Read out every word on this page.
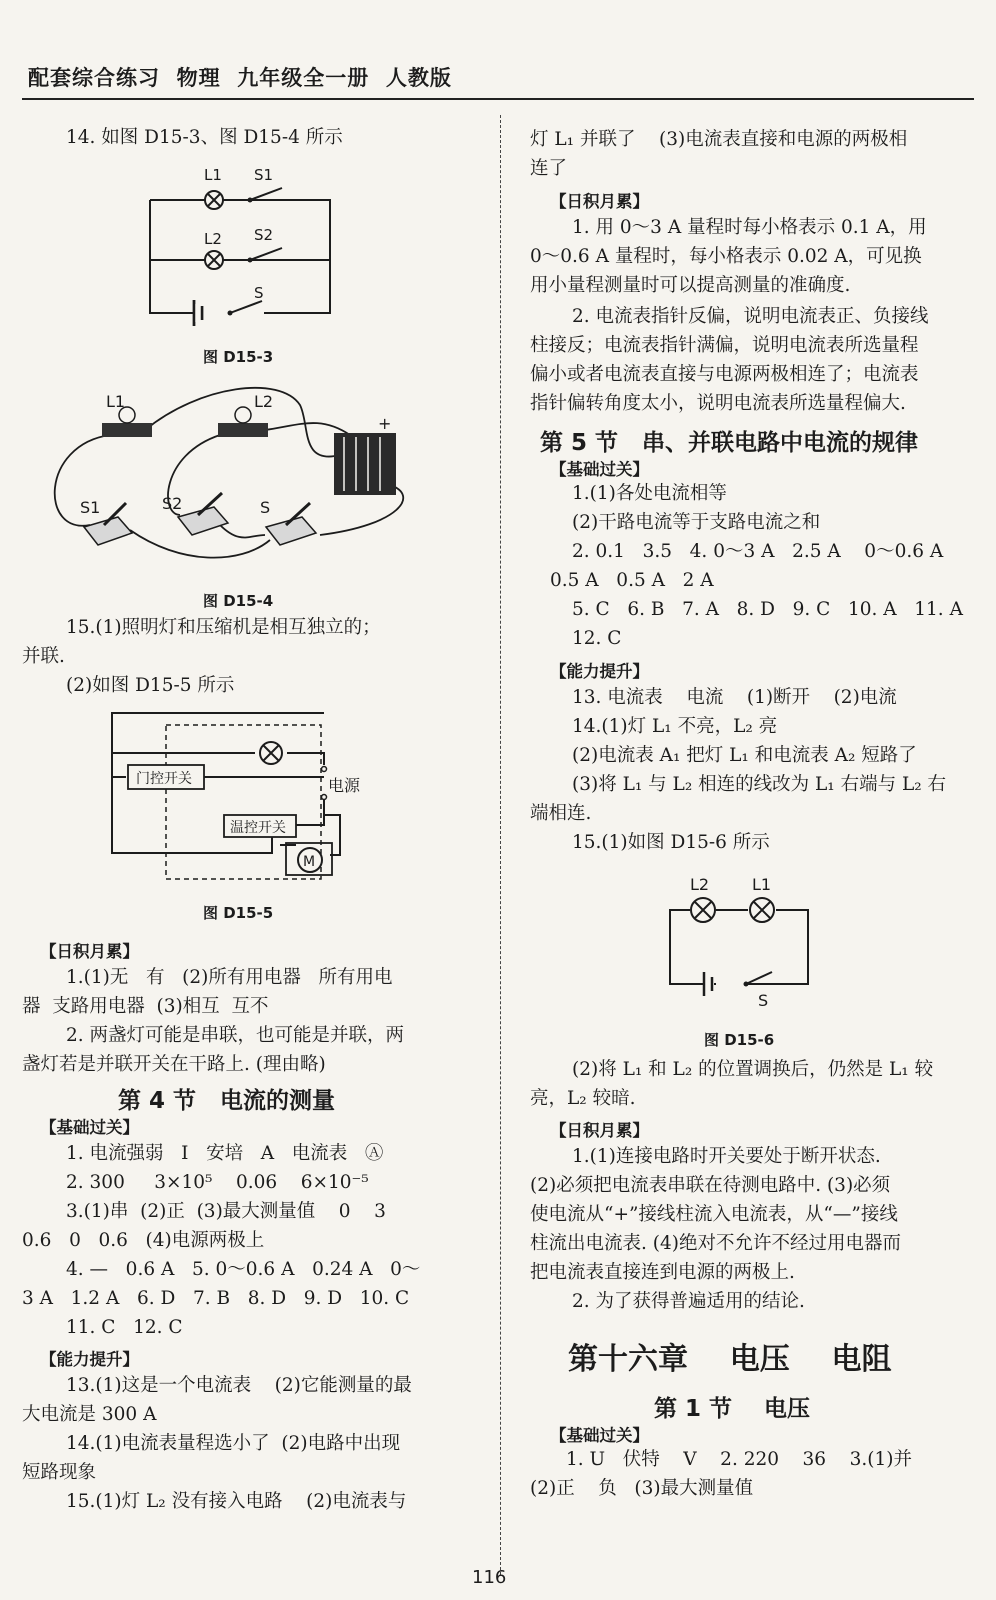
配套综合练习  物理  九年级全一册  人教版
14. 如图 D15-3、图 D15-4 所示
L1 S1
L2 S2
S
图 D15-3
L1	L2
S1	S2	S
+
图 D15-4
15.(1)照明灯和压缩机是相互独立的；
并联.
(2)如图 D15-5 所示
门控开关
温控开关
M
电源
图 D15-5
【日积月累】
1.(1)无   有   (2)所有用电器   所有用电
器  支路用电器  (3)相互  互不
2. 两盏灯可能是串联，也可能是并联，两
盏灯若是并联开关在干路上. (理由略)
第 4 节   电流的测量
【基础过关】
1. 电流强弱   I   安培   A   电流表   Ⓐ
2. 300     3×10⁵    0.06    6×10⁻⁵
3.(1)串  (2)正  (3)最大测量值    0    3
0.6   0   0.6   (4)电源两极上
4. —   0.6 A   5. 0～0.6 A   0.24 A   0～
3 A   1.2 A   6. D   7. B   8. D   9. D   10. C
11. C   12. C
【能力提升】
13.(1)这是一个电流表    (2)它能测量的最
大电流是 300 A
14.(1)电流表量程选小了  (2)电路中出现
短路现象
15.(1)灯 L₂ 没有接入电路    (2)电流表与
灯 L₁ 并联了    (3)电流表直接和电源的两极相
连了
【日积月累】
1. 用 0～3 A 量程时每小格表示 0.1 A，用
0～0.6 A 量程时，每小格表示 0.02 A，可见换
用小量程测量时可以提高测量的准确度.
2. 电流表指针反偏，说明电流表正、负接线
柱接反；电流表指针满偏，说明电流表所选量程
偏小或者电流表直接与电源两极相连了；电流表
指针偏转角度太小，说明电流表所选量程偏大.
第 5 节   串、并联电路中电流的规律
【基础过关】
1.(1)各处电流相等
(2)干路电流等于支路电流之和
2. 0.1   3.5   4. 0～3 A   2.5 A    0～0.6 A
0.5 A   0.5 A   2 A
5. C   6. B   7. A   8. D   9. C   10. A   11. A
12. C
【能力提升】
13. 电流表    电流    (1)断开    (2)电流
14.(1)灯 L₁ 不亮，L₂ 亮
(2)电流表 A₁ 把灯 L₁ 和电流表 A₂ 短路了
(3)将 L₁ 与 L₂ 相连的线改为 L₁ 右端与 L₂ 右
端相连.
15.(1)如图 D15-6 所示
L2	L1
S
图 D15-6
(2)将 L₁ 和 L₂ 的位置调换后，仍然是 L₁ 较
亮，L₂ 较暗.
【日积月累】
1.(1)连接电路时开关要处于断开状态.
(2)必须把电流表串联在待测电路中. (3)必须
使电流从“+”接线柱流入电流表，从“—”接线
柱流出电流表. (4)绝对不允许不经过用电器而
把电流表直接连到电源的两极上.
2. 为了获得普遍适用的结论.
第十六章    电压    电阻
第 1 节    电压
【基础过关】
1. U   伏特    V    2. 220    36    3.(1)并
(2)正    负   (3)最大测量值
116
